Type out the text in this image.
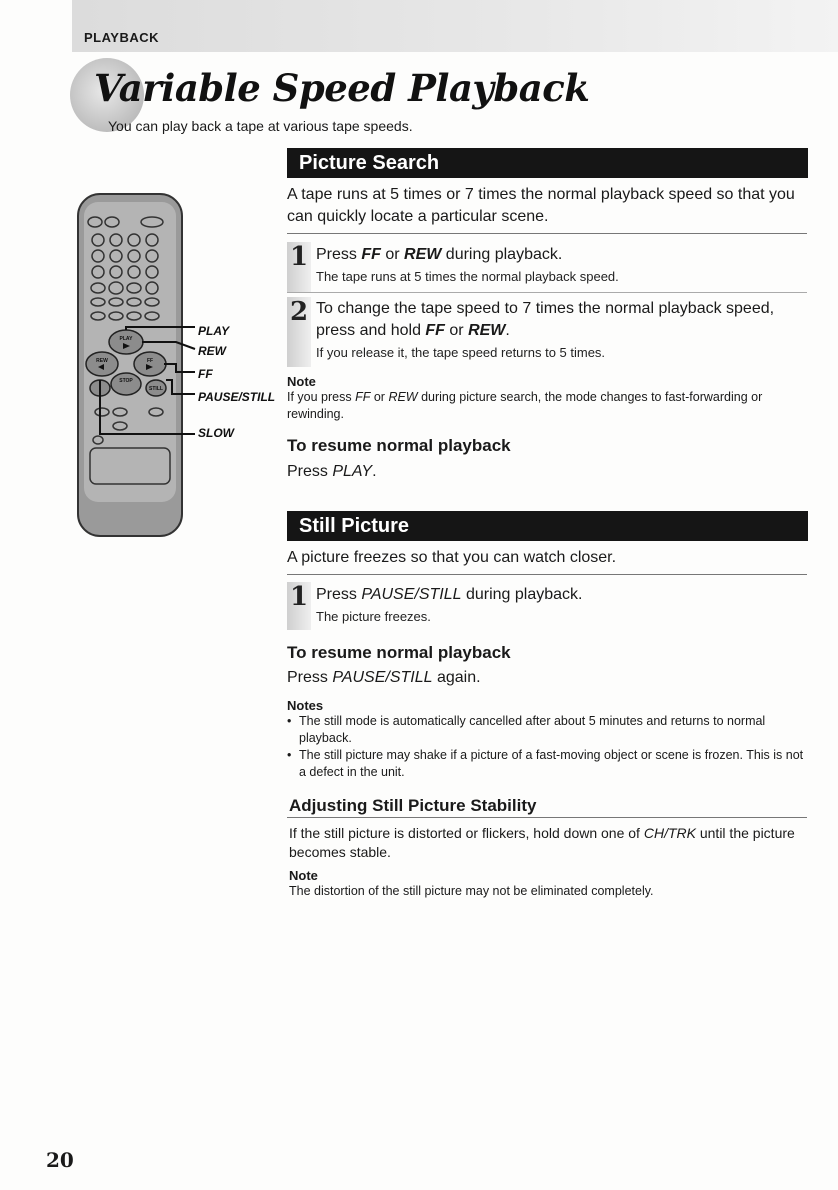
PLAYBACK
Variable Speed Playback
You can play back a tape at various tape speeds.
PLAY
REW	FF
STOP
STILL
PLAY
REW
FF
PAUSE/STILL
SLOW
Picture Search
A tape runs at 5 times or 7 times the normal playback speed so that you can quickly locate a particular scene.
1 Press FF or REW during playback.
The tape runs at 5 times the normal playback speed.
2 To change the tape speed to 7 times the normal playback speed, press and hold FF or REW.
If you release it, the tape speed returns to 5 times.
Note
If you press FF or REW during picture search, the mode changes to fast-forwarding or rewinding.
To resume normal playback
Press PLAY.
Still Picture
A picture freezes so that you can watch closer.
1 Press PAUSE/STILL during playback.
The picture freezes.
To resume normal playback
Press PAUSE/STILL again.
Notes
• The still mode is automatically cancelled after about 5 minutes and returns to normal playback.
• The still picture may shake if a picture of a fast-moving object or scene is frozen. This is not a defect in the unit.
Adjusting Still Picture Stability
If the still picture is distorted or flickers, hold down one of CH/TRK until the picture becomes stable.
Note
The distortion of the still picture may not be eliminated completely.
20
